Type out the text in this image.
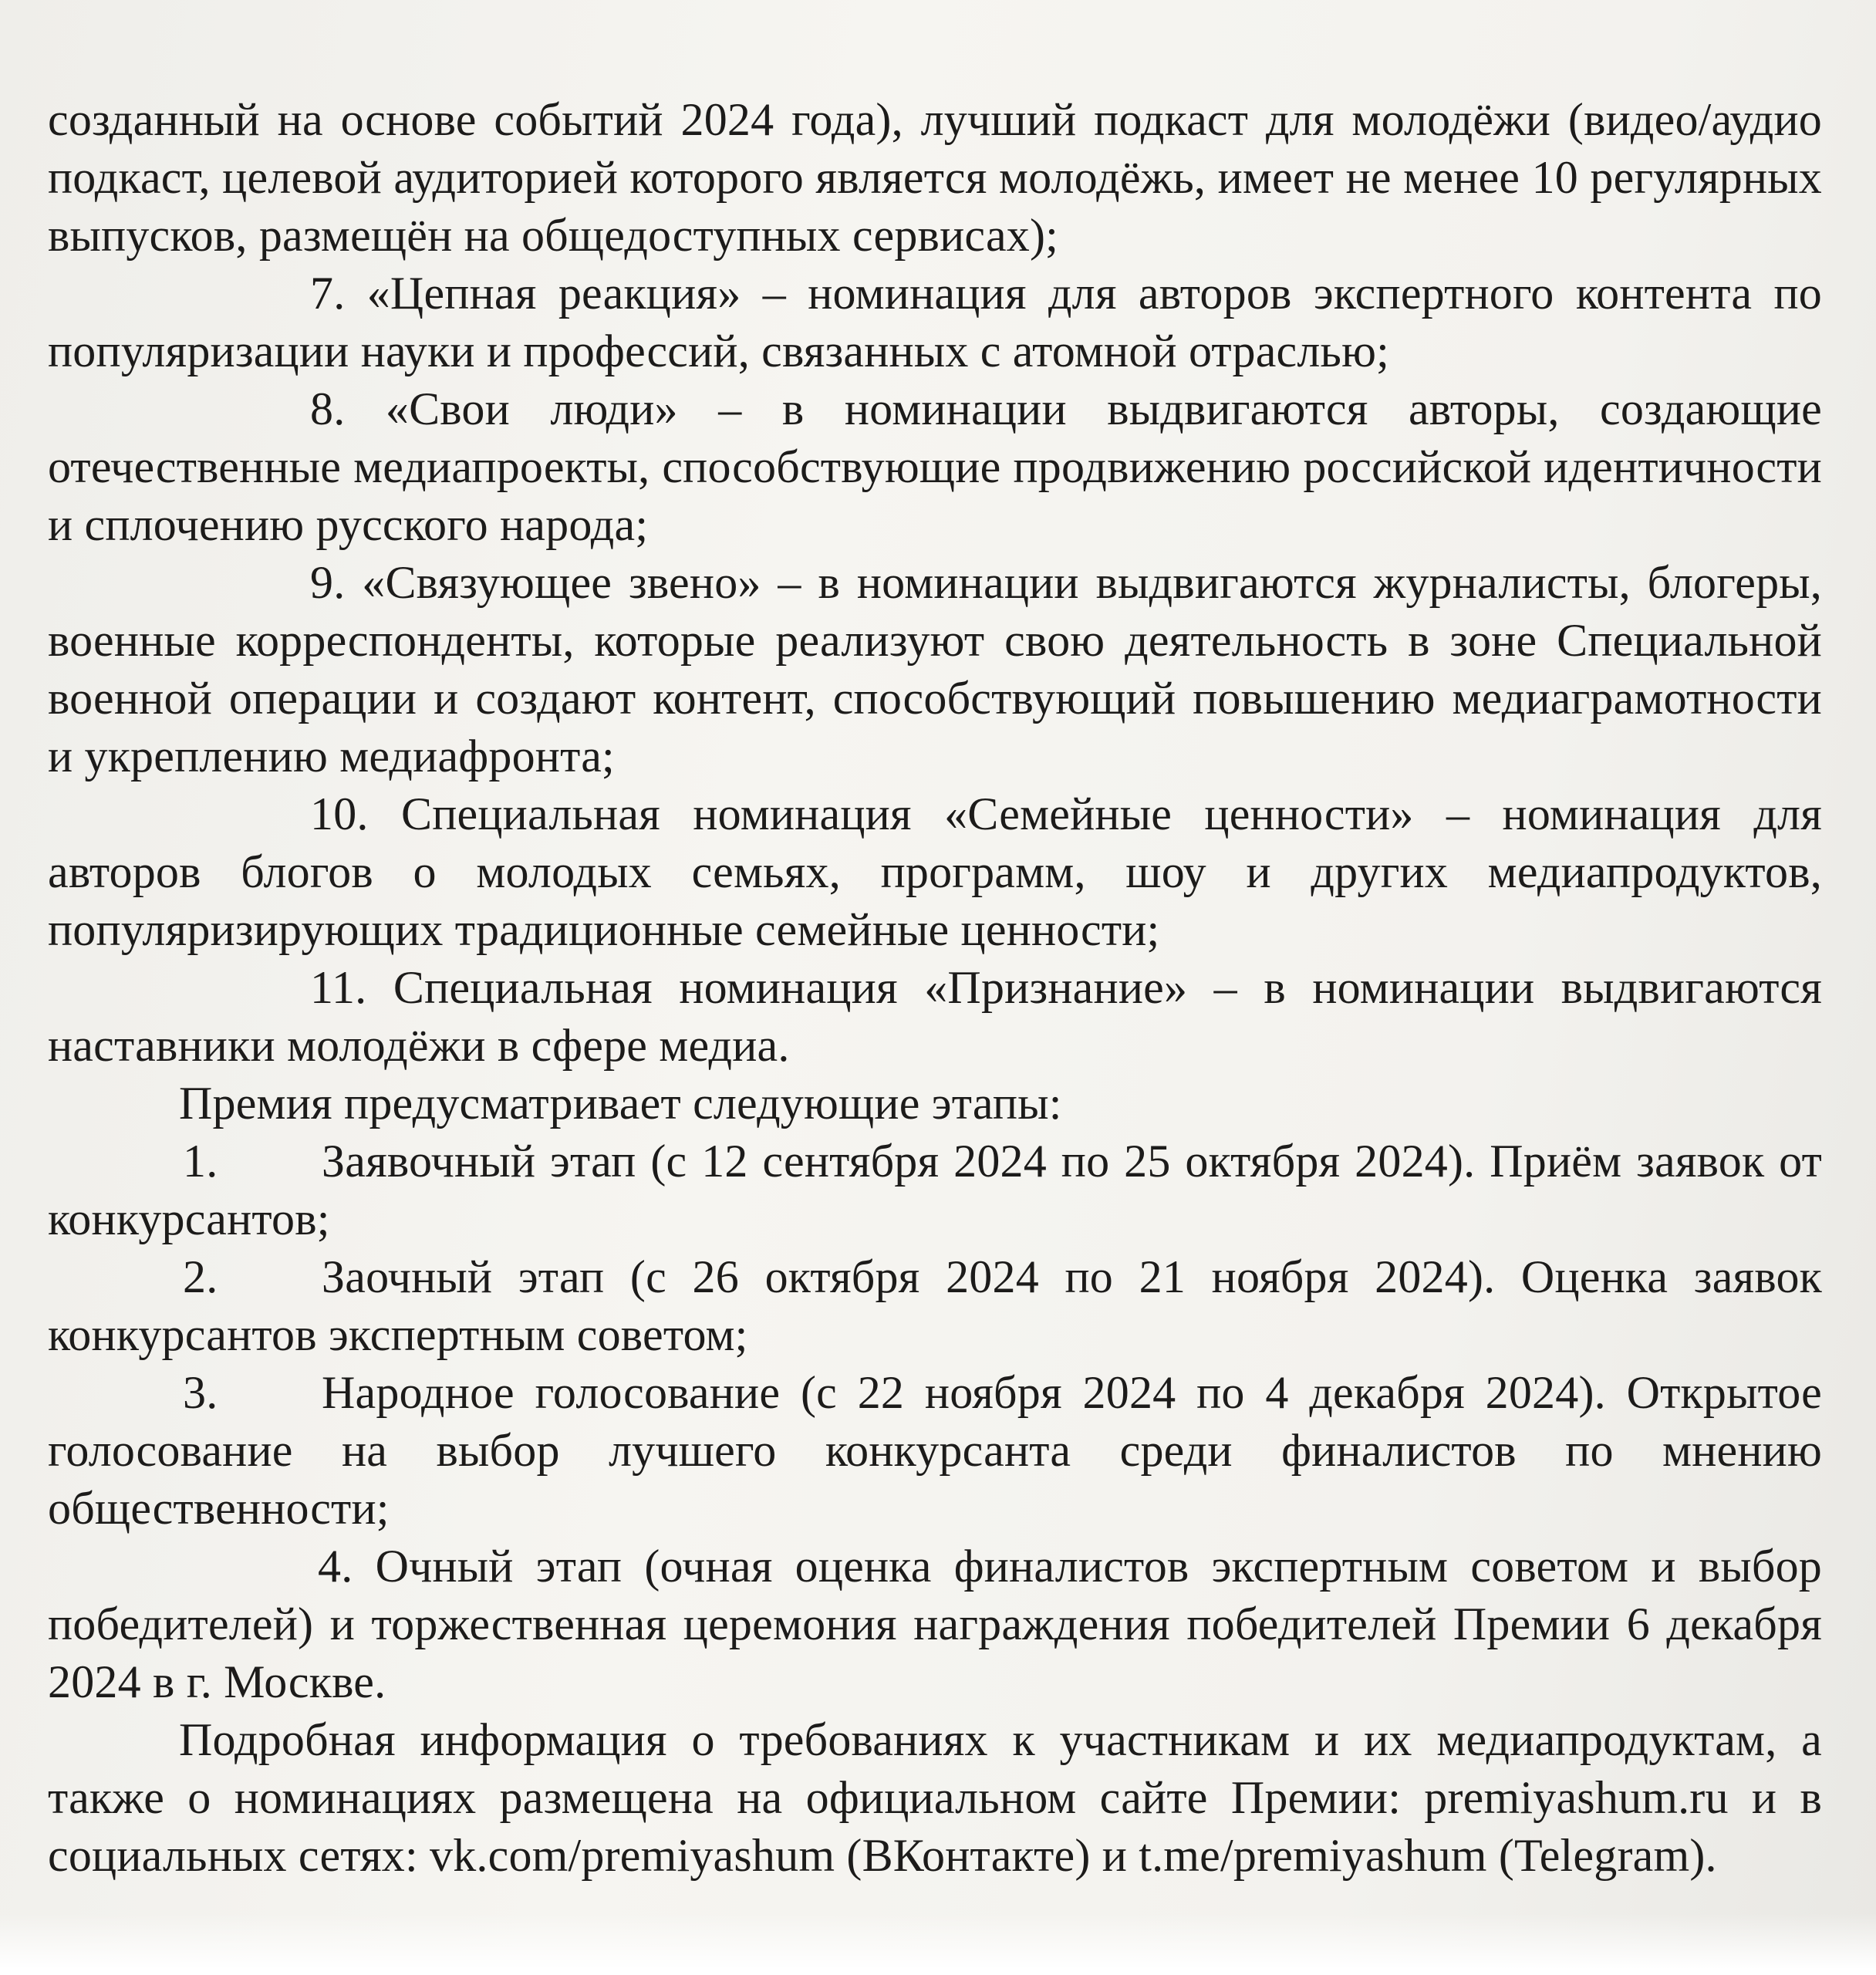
созданный на основе событий 2024 года), лучший подкаст для молодёжи (видео/аудио подкаст, целевой аудиторией которого является молодёжь, имеет не менее 10 регулярных выпусков, размещён на общедоступных сервисах);

7. «Цепная реакция» – номинация для авторов экспертного контента по популяризации науки и профессий, связанных с атомной отраслью;

8. «Свои люди» – в номинации выдвигаются авторы, создающие отечественные медиапроекты, способствующие продвижению российской идентичности и сплочению русского народа;

9. «Связующее звено» – в номинации выдвигаются журналисты, блогеры, военные корреспонденты, которые реализуют свою деятельность в зоне Специальной военной операции и создают контент, способствующий повышению медиаграмотности и укреплению медиафронта;

10. Специальная номинация «Семейные ценности» – номинация для авторов блогов о молодых семьях, программ, шоу и других медиапродуктов, популяризирующих традиционные семейные ценности;

11. Специальная номинация «Признание» – в номинации выдвигаются наставники молодёжи в сфере медиа.

Премия предусматривает следующие этапы:

1. Заявочный этап (с 12 сентября 2024 по 25 октября 2024). Приём заявок от конкурсантов;

2. Заочный этап (с 26 октября 2024 по 21 ноября 2024). Оценка заявок конкурсантов экспертным советом;

3. Народное голосование (с 22 ноября 2024 по 4 декабря 2024). Открытое голосование на выбор лучшего конкурсанта среди финалистов по мнению общественности;

4. Очный этап (очная оценка финалистов экспертным советом и выбор победителей) и торжественная церемония награждения победителей Премии 6 декабря 2024 в г. Москве.

Подробная информация о требованиях к участникам и их медиапродуктам, а также о номинациях размещена на официальном сайте Премии: premiyashum.ru и в социальных сетях: vk.com/premiyashum (ВКонтакте) и t.me/premiyashum (Telegram).
